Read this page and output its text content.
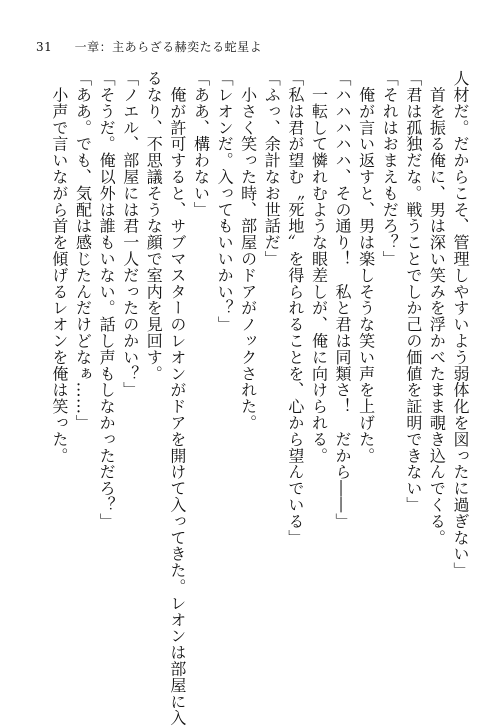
31 一章：主あらざる赫奕たる蛇星よ
人材だ。だからこそ、管理しやすいよう弱体化を図ったに過ぎない」
　首を振る俺に、男は深い笑みを浮かべたまま覗き込んでくる。
「君は孤独だな。戦うことでしか己の価値を証明できない」
「それはおまえもだろ？」
　俺が言い返すと、男は楽しそうな笑い声を上げた。
「ハハハハハ、その通り！　私と君は同類さ！　だから――」
　一転して憐れむような眼差しが、俺に向けられる。
「私は君が望む〝死地〟を得られることを、心から望んでいる」
「ふっ、余計なお世話だ」
　小さく笑った時、部屋のドアがノックされた。
「レオンだ。入ってもいいかい？」
「ああ、構わない」
　俺が許可すると、サブマスターのレオンがドアを開けて入ってきた。レオンは部屋に入
るなり、不思議そうな顔で室内を見回す。
「ノエル、部屋には君一人だったのかい？」
「そうだ。俺以外は誰もいない。話し声もしなかっただろ？」
「ああ。でも、気配は感じたんだけどなぁ……」
　小声で言いながら首を傾げるレオンを俺は笑った。
